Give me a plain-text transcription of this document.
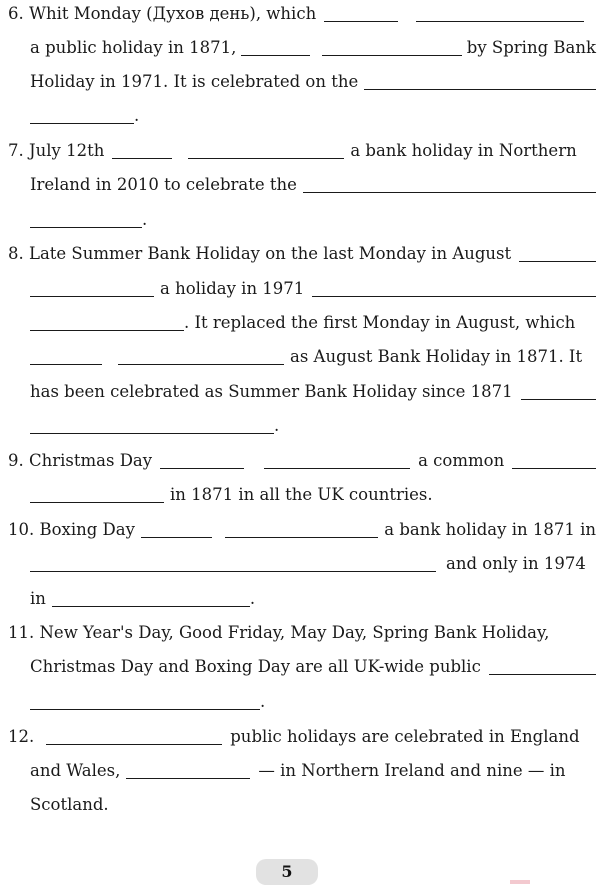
6. Whit Monday (Духов день), which
a public holiday in 1871,	by Spring Bank
Holiday in 1971. It is celebrated on the
.
7. July 12th	a bank holiday in Northern
Ireland in 2010 to celebrate the
.
8. Late Summer Bank Holiday on the last Monday in August
a holiday in 1971
. It replaced the first Monday in August, which
as August Bank Holiday in 1871. It
has been celebrated as Summer Bank Holiday since 1871
.
9. Christmas Day	a common
in 1871 in all the UK countries.
10. Boxing Day	a bank holiday in 1871 in
and only in 1974
in	.
11. New Year's Day, Good Friday, May Day, Spring Bank Holiday,
Christmas Day and Boxing Day are all UK-wide public
.
12.	public holidays are celebrated in England
and Wales,	— in Northern Ireland and nine — in
Scotland.
5
